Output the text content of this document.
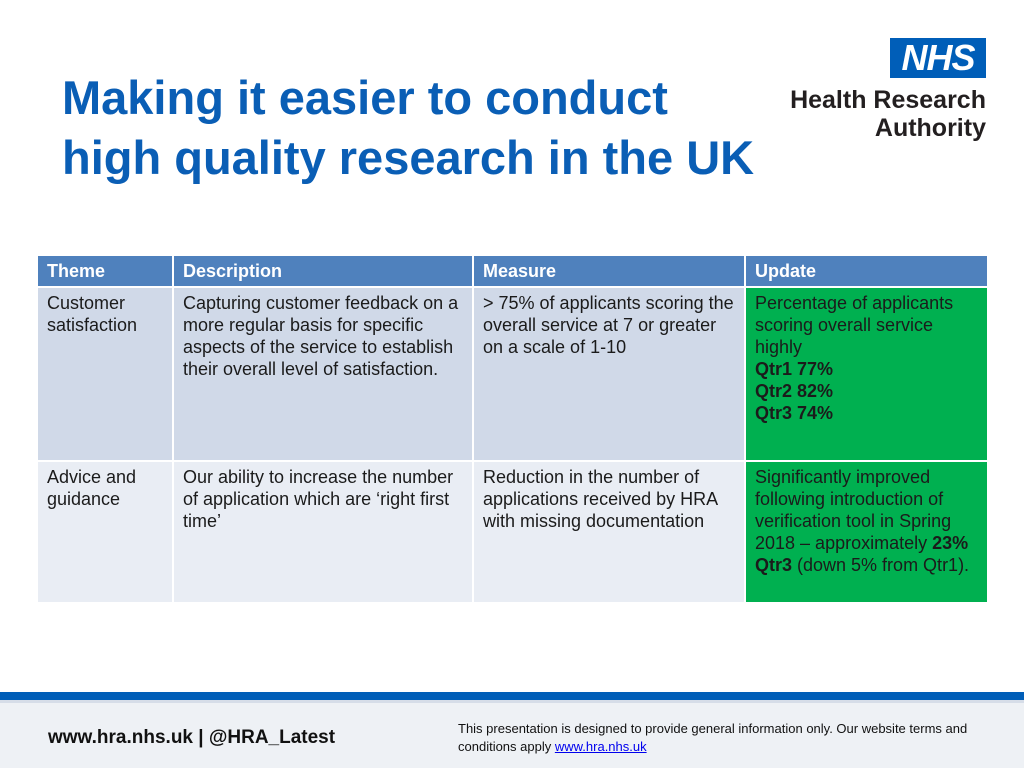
Making it easier to conduct
high quality research in the UK
NHS
Health Research
Authority
Theme	Description	Measure	Update
Customer satisfaction	Capturing customer feedback on a more regular basis for specific aspects of the service to establish their overall level of satisfaction.	> 75% of applicants scoring the overall service at 7 or greater on a scale of 1-10	Percentage of applicants scoring overall service highly
Qtr1 77%
Qtr2 82%
Qtr3 74%

Advice and guidance	Our ability to increase the number of application which are ‘right first time’	Reduction in the number of applications received by HRA with missing documentation	Significantly improved following introduction of verification tool in Spring 2018 – approximately 23% Qtr3 (down 5% from Qtr1).
www.hra.nhs.uk | @HRA_Latest	This presentation is designed to provide general information only. Our website terms and conditions apply www.hra.nhs.uk
